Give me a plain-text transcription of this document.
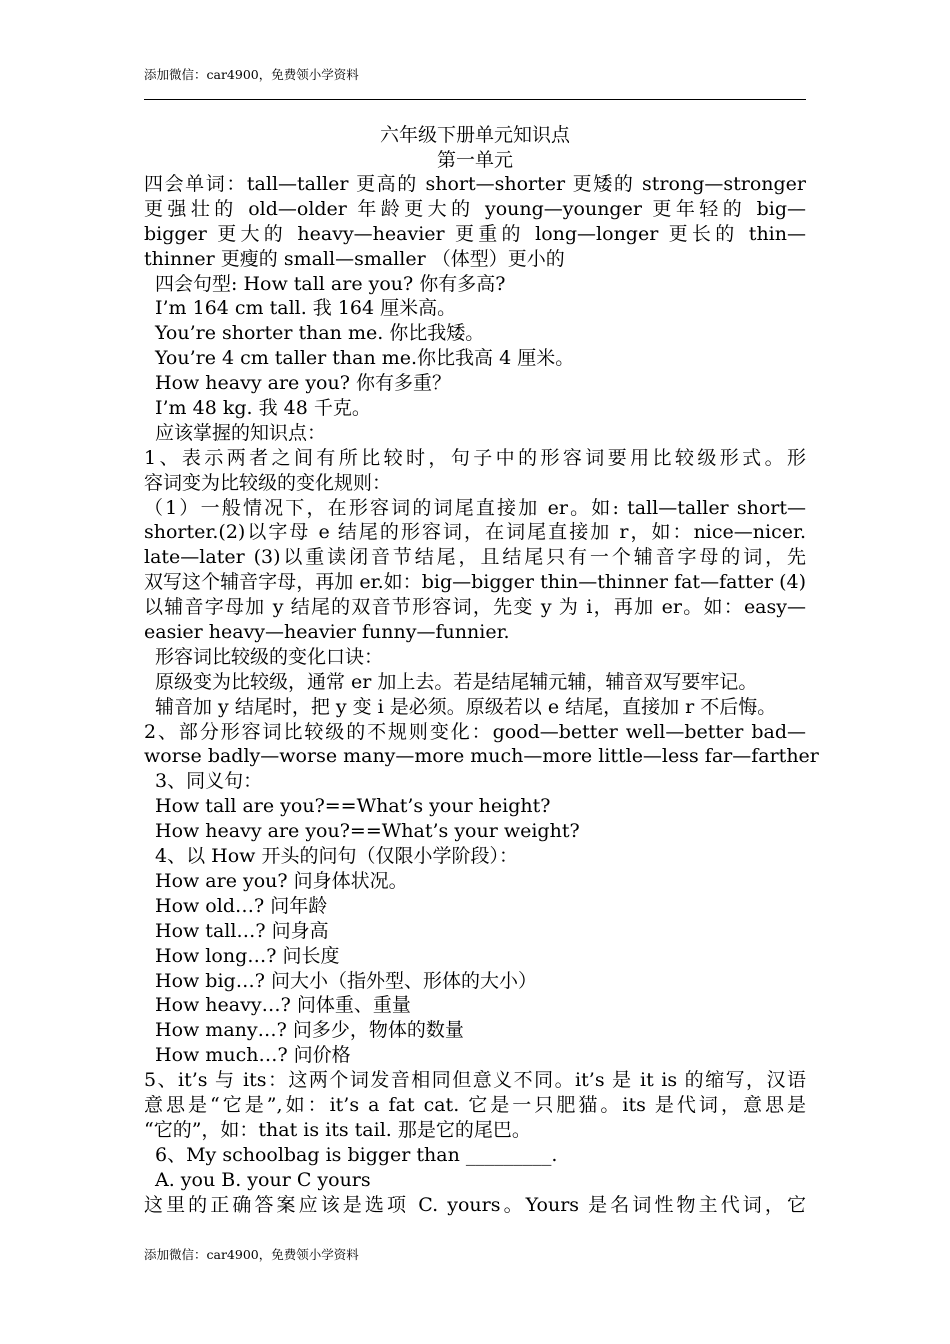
添加微信：car4900，免费领小学资料
六年级下册单元知识点
第一单元
四会单词：tall—taller 更高的 short—shorter 更矮的 strong—stronger
更强壮的 old—older 年龄更大的 young—younger 更年轻的 big—
bigger 更大的 heavy—heavier 更重的 long—longer 更长的 thin—
thinner 更瘦的 small—smaller （体型）更小的
四会句型: How tall are you? 你有多高?
I’m 164 cm tall. 我 164 厘米高。
You’re shorter than me. 你比我矮。
You’re 4 cm taller than me.你比我高 4 厘米。
How heavy are you? 你有多重？
I’m 48 kg. 我 48 千克。
应该掌握的知识点：
1、表示两者之间有所比较时，句子中的形容词要用比较级形式。形
容词变为比较级的变化规则：
（1）一般情况下，在形容词的词尾直接加 er。如: tall—taller short—
shorter.(2)以字母 e 结尾的形容词，在词尾直接加 r，如：nice—nicer.
late—later (3)以重读闭音节结尾，且结尾只有一个辅音字母的词，先
双写这个辅音字母，再加 er.如：big—bigger thin—thinner fat—fatter (4)
以辅音字母加 y 结尾的双音节形容词，先变 y 为 i，再加 er。如：easy—
easier heavy—heavier funny—funnier.
形容词比较级的变化口诀：
原级变为比较级，通常 er 加上去。若是结尾辅元辅，辅音双写要牢记。
辅音加 y 结尾时，把 y 变 i 是必须。原级若以 e 结尾，直接加 r 不后悔。
2、部分形容词比较级的不规则变化：good—better well—better bad—
worse badly—worse many—more much—more little—less far—farther
3、同义句：
How tall are you?==What’s your height?
How heavy are you?==What’s your weight?
4、以 How 开头的问句（仅限小学阶段）：
How are you? 问身体状况。
How old…? 问年龄
How tall…? 问身高
How long…? 问长度
How big…? 问大小（指外型、形体的大小）
How heavy…? 问体重、重量
How many…? 问多少，物体的数量
How much…? 问价格
5、it’s 与 its：这两个词发音相同但意义不同。it’s 是 it is 的缩写，汉语
意思是“它是”,如：it’s a fat cat. 它是一只肥猫。its 是代词，意思是
“它的”，如：that is its tail. 那是它的尾巴。
6、My schoolbag is bigger than _________.
A. you B. your C yours
这里的正确答案应该是选项 C. yours。Yours 是名词性物主代词，它
添加微信：car4900，免费领小学资料
